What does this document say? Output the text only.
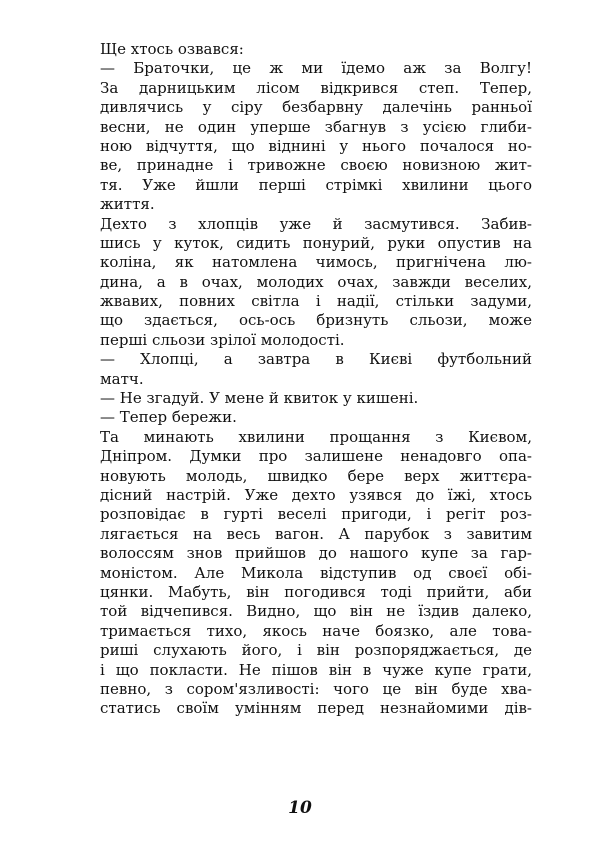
Ще хтось озвався:
— Браточки, це ж ми їдемо аж за Волгу!
За дарницьким лісом відкрився степ. Тепер,
дивлячись у сіру безбарвну далечінь ранньої
весни, не один уперше збагнув з усією глиби-
ною відчуття, що віднині у нього почалося но-
ве, принадне і тривожне своєю новизною жит-
тя. Уже йшли перші стрімкі хвилини цього
життя.
Дехто з хлопців уже й засмутився. Забив-
шись у куток, сидить понурий, руки опустив на
коліна, як натомлена чимось, пригнічена лю-
дина, а в очах, молодих очах, завжди веселих,
жвавих, повних світла і надії, стільки задуми,
що здається, ось-ось бризнуть сльози, може
перші сльози зрілої молодості.
— Хлопці, а завтра в Києві футбольний
матч.
— Не згадуй. У мене й квиток у кишені.
— Тепер бережи.
Та минають хвилини прощання з Києвом,
Дніпром. Думки про залишене ненадовго опа-
новують молодь, швидко бере верх життєра-
дісний настрій. Уже дехто узявся до їжі, хтось
розповідає в гурті веселі пригоди, і регіт роз-
лягається на весь вагон. А парубок з завитим
волоссям знов прийшов до нашого купе за гар-
моністом. Але Микола відступив од своєї обі-
цянки. Мабуть, він погодився тоді прийти, аби
той відчепився. Видно, що він не їздив далеко,
тримається тихо, якось наче боязко, але това-
риші слухають його, і він розпоряджається, де
і що покласти. Не пішов він в чуже купе грати,
певно, з сором'язливості: чого це він буде хва-
статись своїм умінням перед незнайомими дів-
10
